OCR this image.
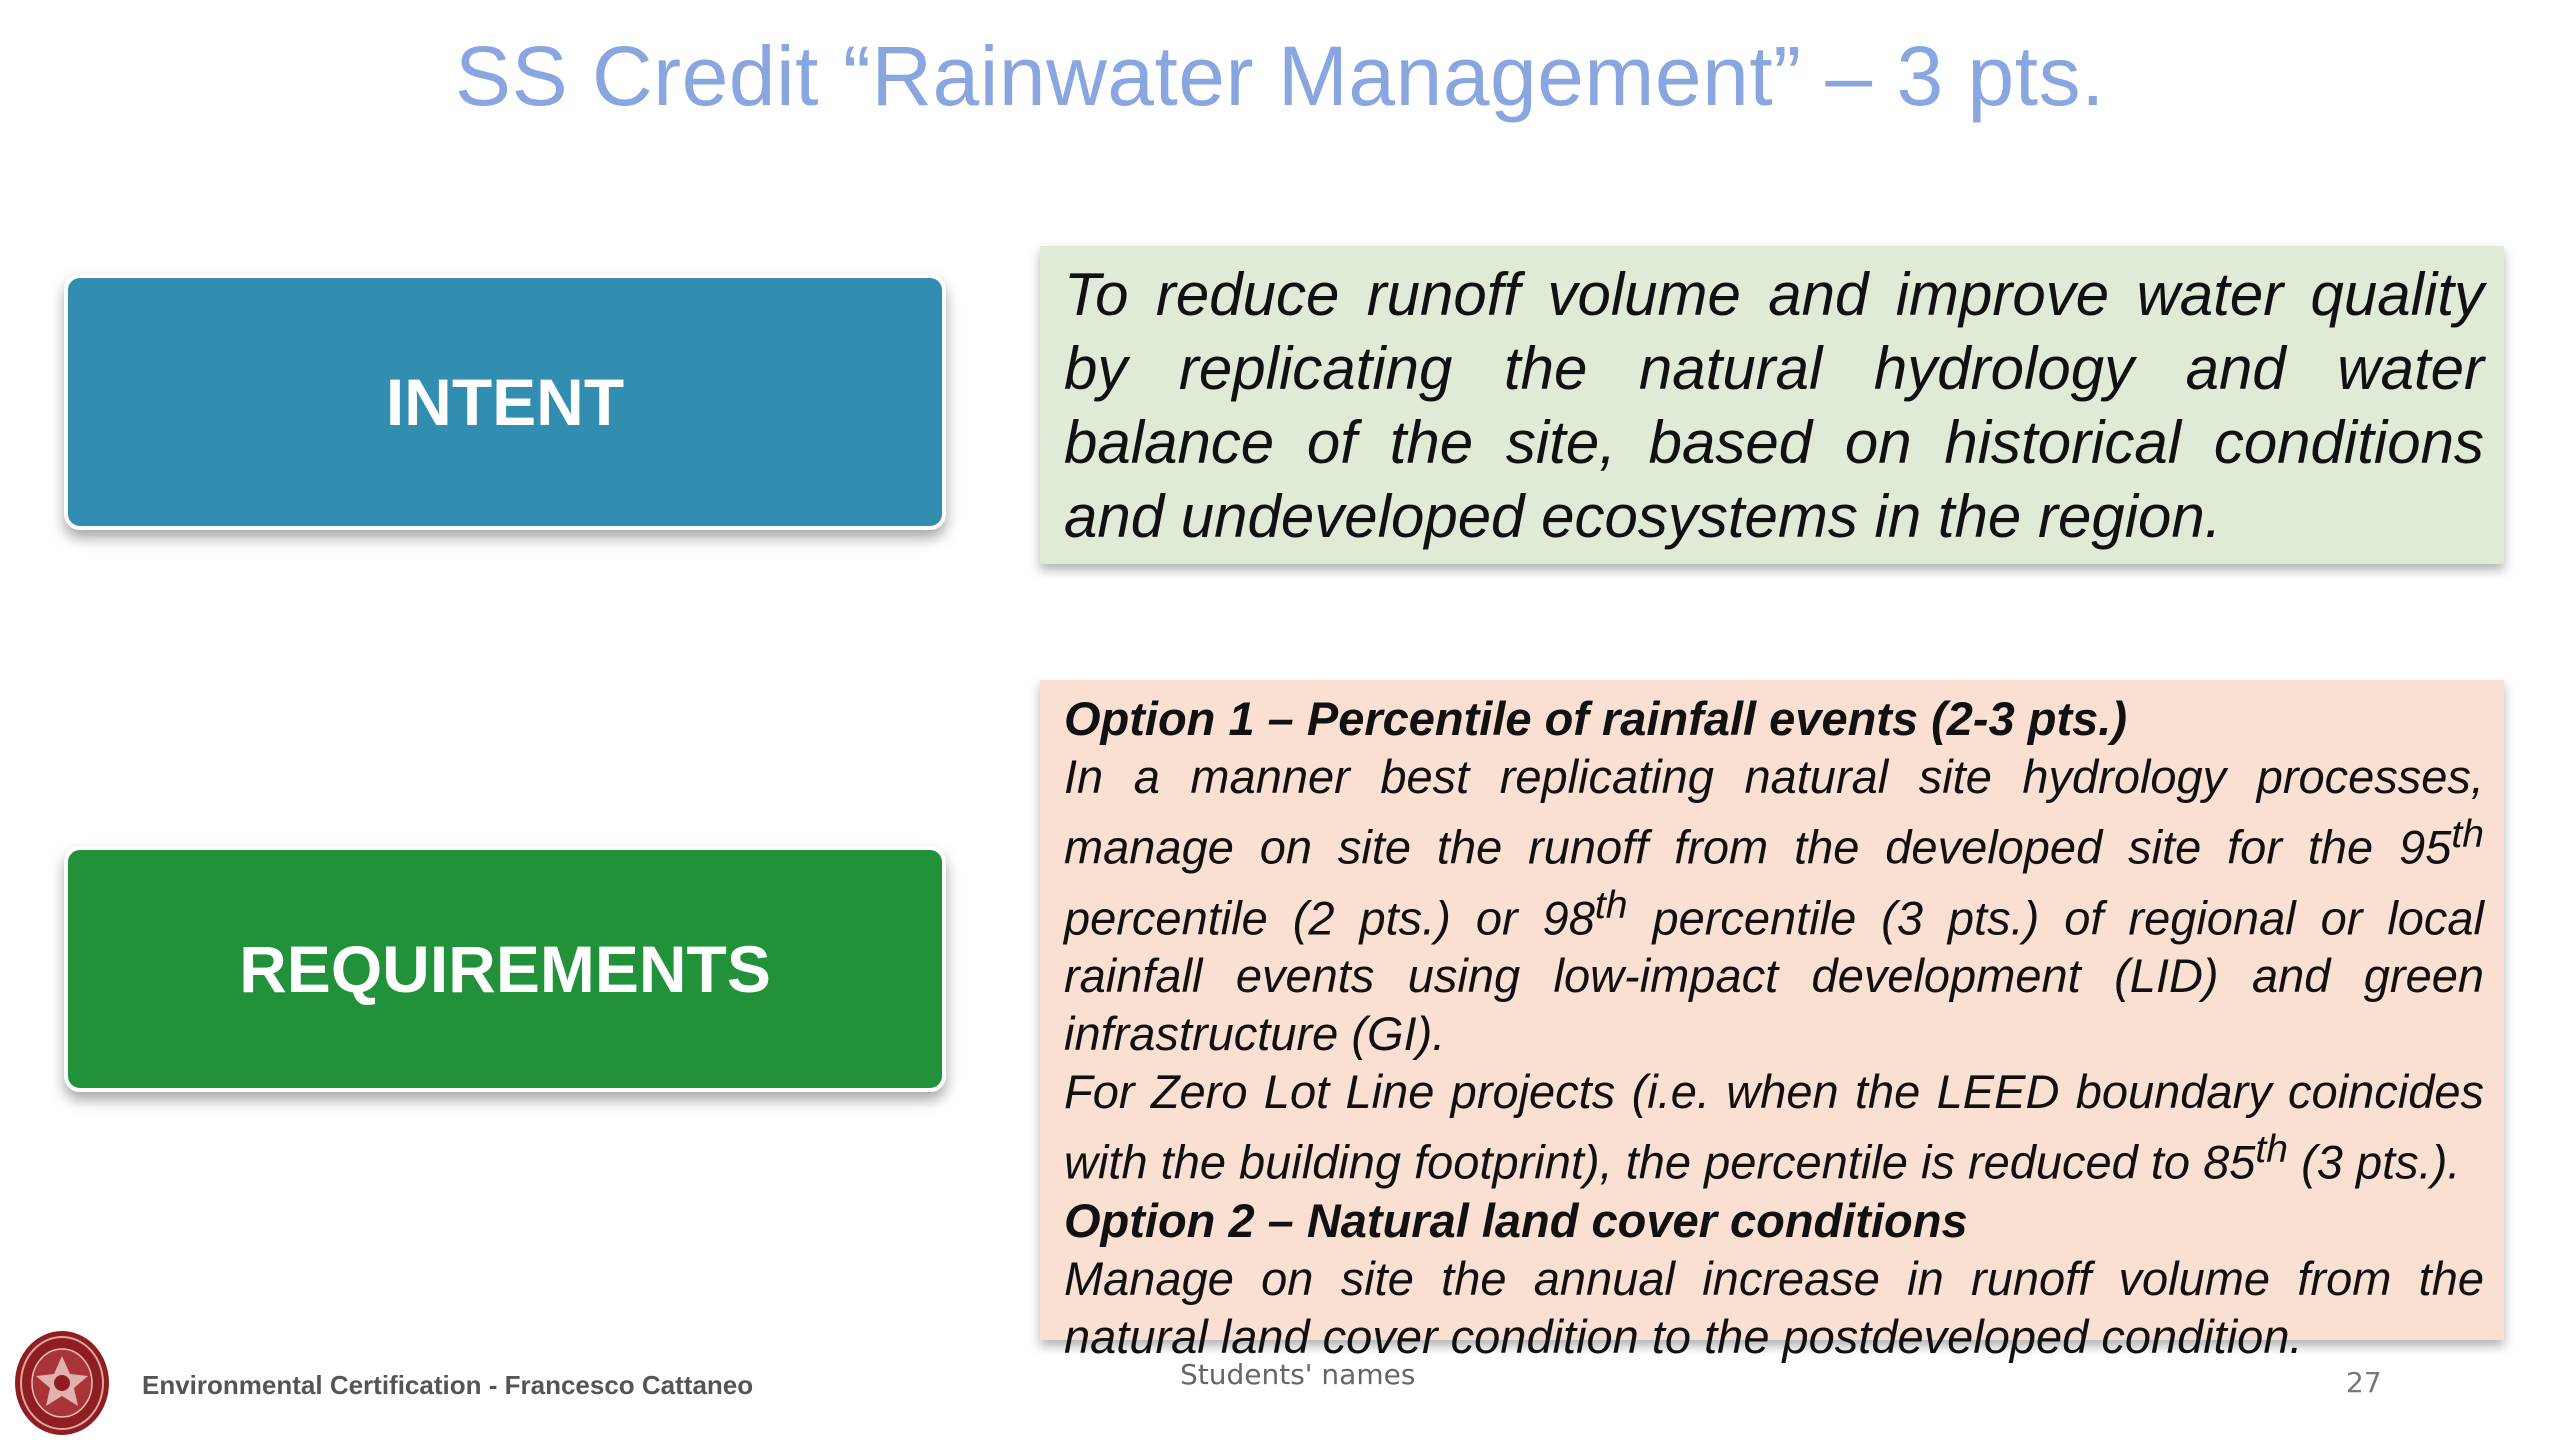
SS Credit “Rainwater Management” – 3 pts.
INTENT
To reduce runoff volume and improve water quality by replicating the natural hydrology and water balance of the site, based on historical conditions and undeveloped ecosystems in the region.
REQUIREMENTS

Option 1 – Percentile of rainfall events (2-3 pts.)

In a manner best replicating natural site hydrology processes, manage on site the runoff from the developed site for the 95th percentile (2 pts.) or 98th percentile (3 pts.) of regional or local rainfall events using low-impact development (LID) and green infrastructure (GI).

For Zero Lot Line projects (i.e. when the LEED boundary coincides with the building footprint), the percentile is reduced to 85th (3 pts.).

Option 2 – Natural land cover conditions

Manage on site the annual increase in runoff volume from the natural land cover condition to the postdeveloped condition.

Environmental Certification - Francesco Cattaneo	Students' names	27
